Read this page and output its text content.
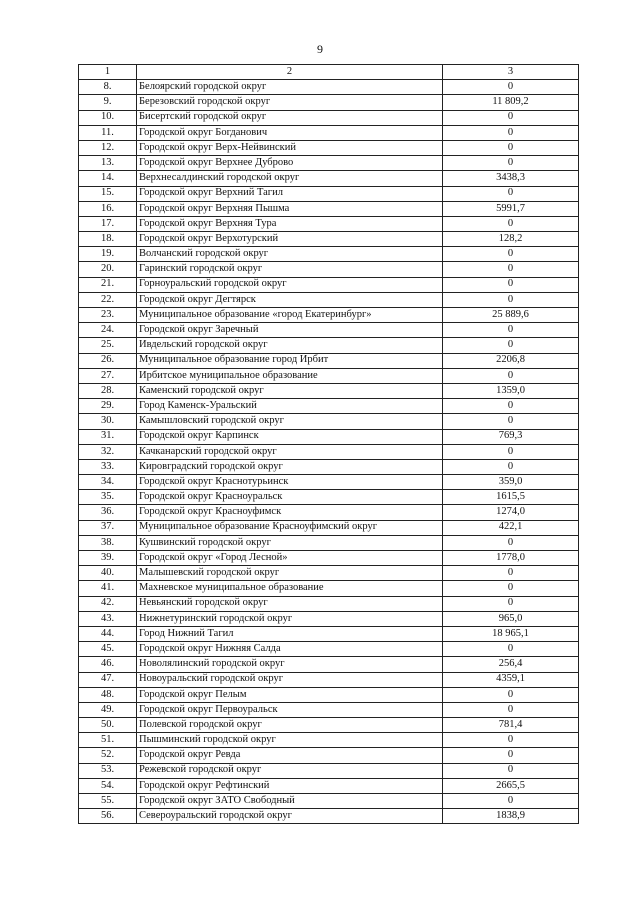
9
1	2	3
8.	Белоярский городской округ	0
9.	Березовский городской округ	11 809,2
10.	Бисертский городской округ	0
11.	Городской округ Богданович	0
12.	Городской округ Верх-Нейвинский	0
13.	Городской округ Верхнее Дуброво	0
14.	Верхнесалдинский городской округ	3438,3
15.	Городской округ Верхний Тагил	0
16.	Городской округ Верхняя Пышма	5991,7
17.	Городской округ Верхняя Тура	0
18.	Городской округ Верхотурский	128,2
19.	Волчанский городской округ	0
20.	Гаринский городской округ	0
21.	Горноуральский городской округ	0
22.	Городской округ Дегтярск	0
23.	Муниципальное образование «город Екатеринбург»	25 889,6
24.	Городской округ Заречный	0
25.	Ивдельский городской округ	0
26.	Муниципальное образование город Ирбит	2206,8
27.	Ирбитское муниципальное образование	0
28.	Каменский городской округ	1359,0
29.	Город Каменск-Уральский	0
30.	Камышловский городской округ	0
31.	Городской округ Карпинск	769,3
32.	Качканарский городской округ	0
33.	Кировградский городской округ	0
34.	Городской округ Краснотурьинск	359,0
35.	Городской округ Красноуральск	1615,5
36.	Городской округ Красноуфимск	1274,0
37.	Муниципальное образование Красноуфимский округ	422,1
38.	Кушвинский городской округ	0
39.	Городской округ «Город Лесной»	1778,0
40.	Малышевский городской округ	0
41.	Махневское муниципальное образование	0
42.	Невьянский городской округ	0
43.	Нижнетуринский городской округ	965,0
44.	Город Нижний Тагил	18 965,1
45.	Городской округ Нижняя Салда	0
46.	Новолялинский городской округ	256,4
47.	Новоуральский городской округ	4359,1
48.	Городской округ Пелым	0
49.	Городской округ Первоуральск	0
50.	Полевской городской округ	781,4
51.	Пышминский городской округ	0
52.	Городской округ Ревда	0
53.	Режевской городской округ	0
54.	Городской округ Рефтинский	2665,5
55.	Городской округ ЗАТО Свободный	0
56.	Североуральский городской округ	1838,9
